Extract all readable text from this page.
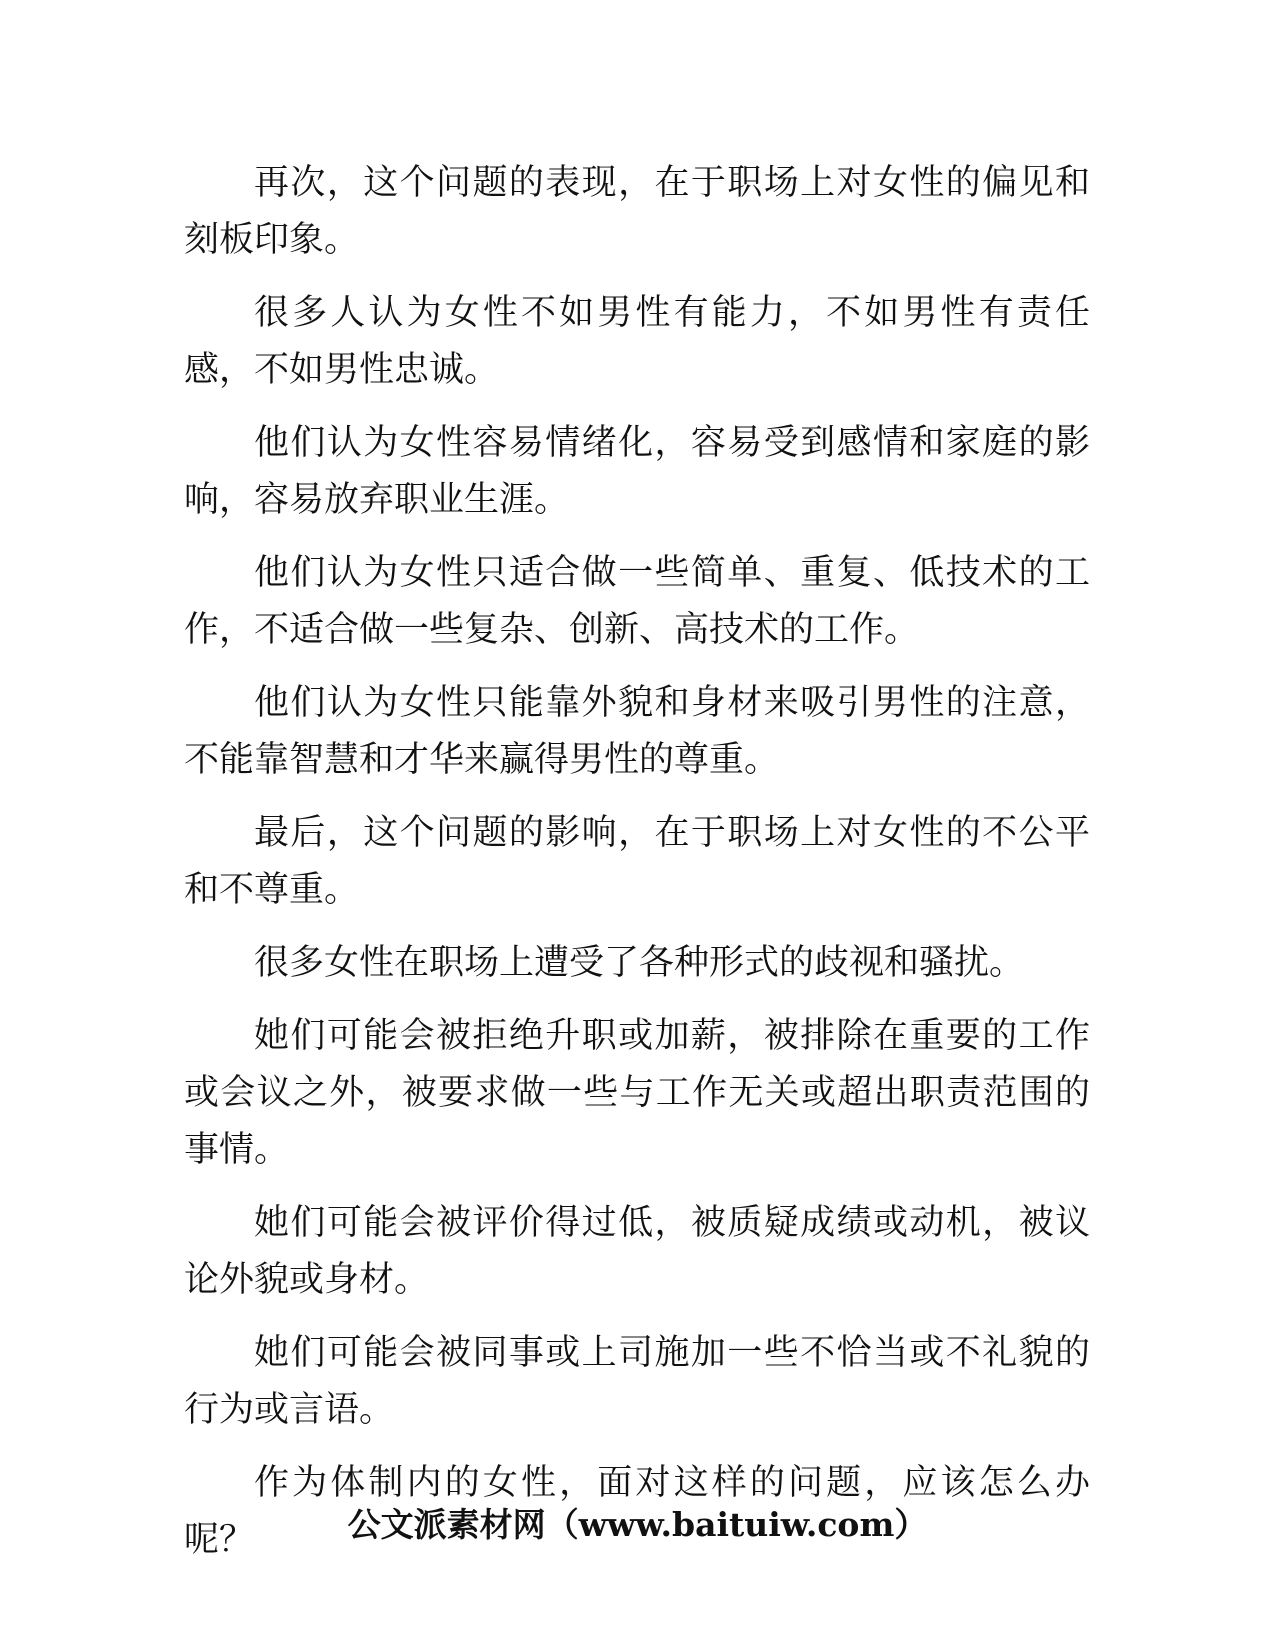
再次，这个问题的表现，在于职场上对女性的偏见和刻板印象。

很多人认为女性不如男性有能力，不如男性有责任感，不如男性忠诚。

他们认为女性容易情绪化，容易受到感情和家庭的影响，容易放弃职业生涯。

他们认为女性只适合做一些简单、重复、低技术的工作，不适合做一些复杂、创新、高技术的工作。

他们认为女性只能靠外貌和身材来吸引男性的注意，不能靠智慧和才华来赢得男性的尊重。

最后，这个问题的影响，在于职场上对女性的不公平和不尊重。

很多女性在职场上遭受了各种形式的歧视和骚扰。

她们可能会被拒绝升职或加薪，被排除在重要的工作或会议之外，被要求做一些与工作无关或超出职责范围的事情。

她们可能会被评价得过低，被质疑成绩或动机，被议论外貌或身材。

她们可能会被同事或上司施加一些不恰当或不礼貌的行为或言语。

作为体制内的女性，面对这样的问题，应该怎么办呢？	公文派素材网（www.baituiw.com）
